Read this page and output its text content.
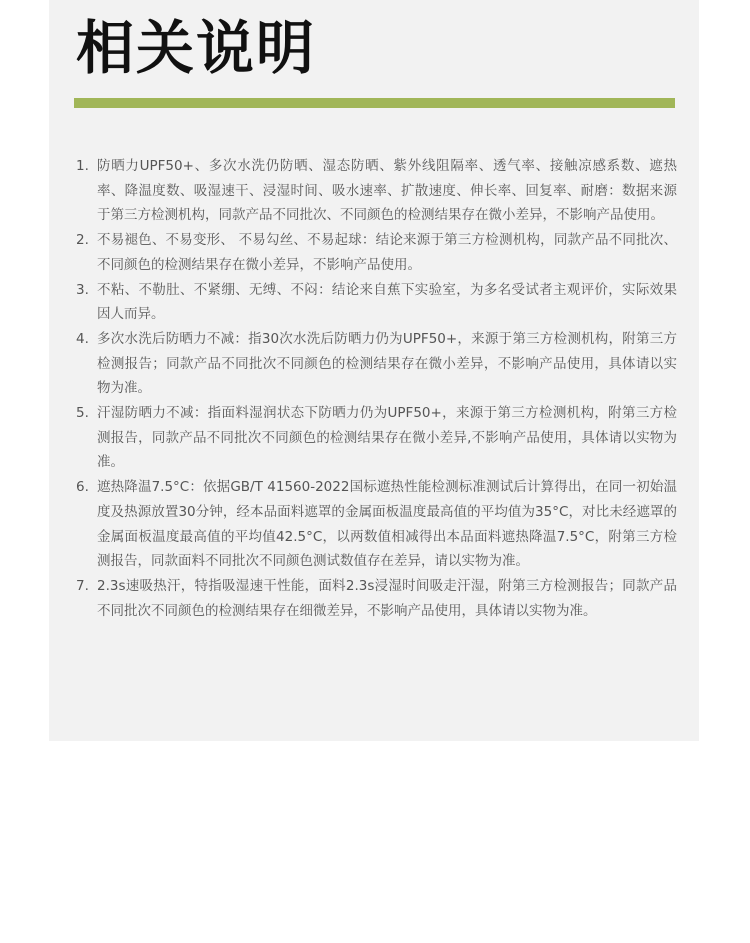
相关说明
1. 防晒力UPF50+、多次水洗仍防晒、湿态防晒、紫外线阻隔率、透气率、接触凉感系数、遮热率、降温度数、吸湿速干、浸湿时间、吸水速率、扩散速度、伸长率、回复率、耐磨：数据来源于第三方检测机构，同款产品不同批次、不同颜色的检测结果存在微小差异，不影响产品使用。
2. 不易褪色、不易变形、 不易勾丝、不易起球：结论来源于第三方检测机构，同款产品不同批次、不同颜色的检测结果存在微小差异，不影响产品使用。
3. 不粘、不勒肚、不紧绷、无缚、不闷：结论来自蕉下实验室，为多名受试者主观评价，实际效果因人而异。
4. 多次水洗后防晒力不减：指30次水洗后防晒力仍为UPF50+，来源于第三方检测机构，附第三方检测报告；同款产品不同批次不同颜色的检测结果存在微小差异，不影响产品使用，具体请以实物为准。
5. 汗湿防晒力不减：指面料湿润状态下防晒力仍为UPF50+，来源于第三方检测机构，附第三方检测报告，同款产品不同批次不同颜色的检测结果存在微小差异,不影响产品使用，具体请以实物为准。
6. 遮热降温7.5°C：依据GB/T 41560-2022国标遮热性能检测标准测试后计算得出，在同一初始温度及热源放置30分钟，经本品面料遮罩的金属面板温度最高值的平均值为35°C，对比未经遮罩的金属面板温度最高值的平均值42.5°C，以两数值相减得出本品面料遮热降温7.5°C，附第三方检测报告，同款面料不同批次不同颜色测试数值存在差异，请以实物为准。
7. 2.3s速吸热汗，特指吸湿速干性能，面料2.3s浸湿时间吸走汗湿，附第三方检测报告；同款产品不同批次不同颜色的检测结果存在细微差异，不影响产品使用，具体请以实物为准。
